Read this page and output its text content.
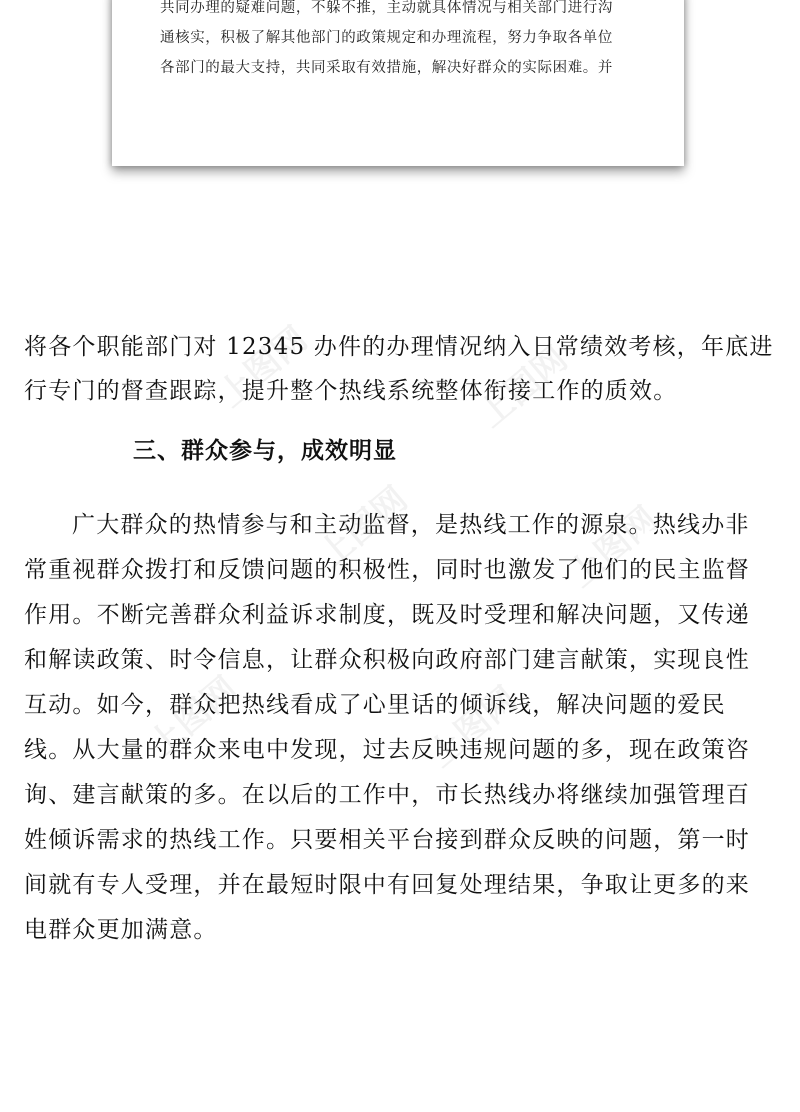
上图网	上图网
上图网	上图网
上图网	上图网
共同办理的疑难问题，不躲不推，主动就具体情况与相关部门进行沟
通核实，积极了解其他部门的政策规定和办理流程，努力争取各单位
各部门的最大支持，共同采取有效措施，解决好群众的实际困难。并
将各个职能部门对 12345 办件的办理情况纳入日常绩效考核，年底进
行专门的督查跟踪，提升整个热线系统整体衔接工作的质效。
三、群众参与，成效明显
广大群众的热情参与和主动监督，是热线工作的源泉。热线办非
常重视群众拨打和反馈问题的积极性，同时也激发了他们的民主监督
作用。不断完善群众利益诉求制度，既及时受理和解决问题，又传递
和解读政策、时令信息，让群众积极向政府部门建言献策，实现良性
互动。如今，群众把热线看成了心里话的倾诉线，解决问题的爱民
线。从大量的群众来电中发现，过去反映违规问题的多，现在政策咨
询、建言献策的多。在以后的工作中，市长热线办将继续加强管理百
姓倾诉需求的热线工作。只要相关平台接到群众反映的问题，第一时
间就有专人受理，并在最短时限中有回复处理结果，争取让更多的来
电群众更加满意。
